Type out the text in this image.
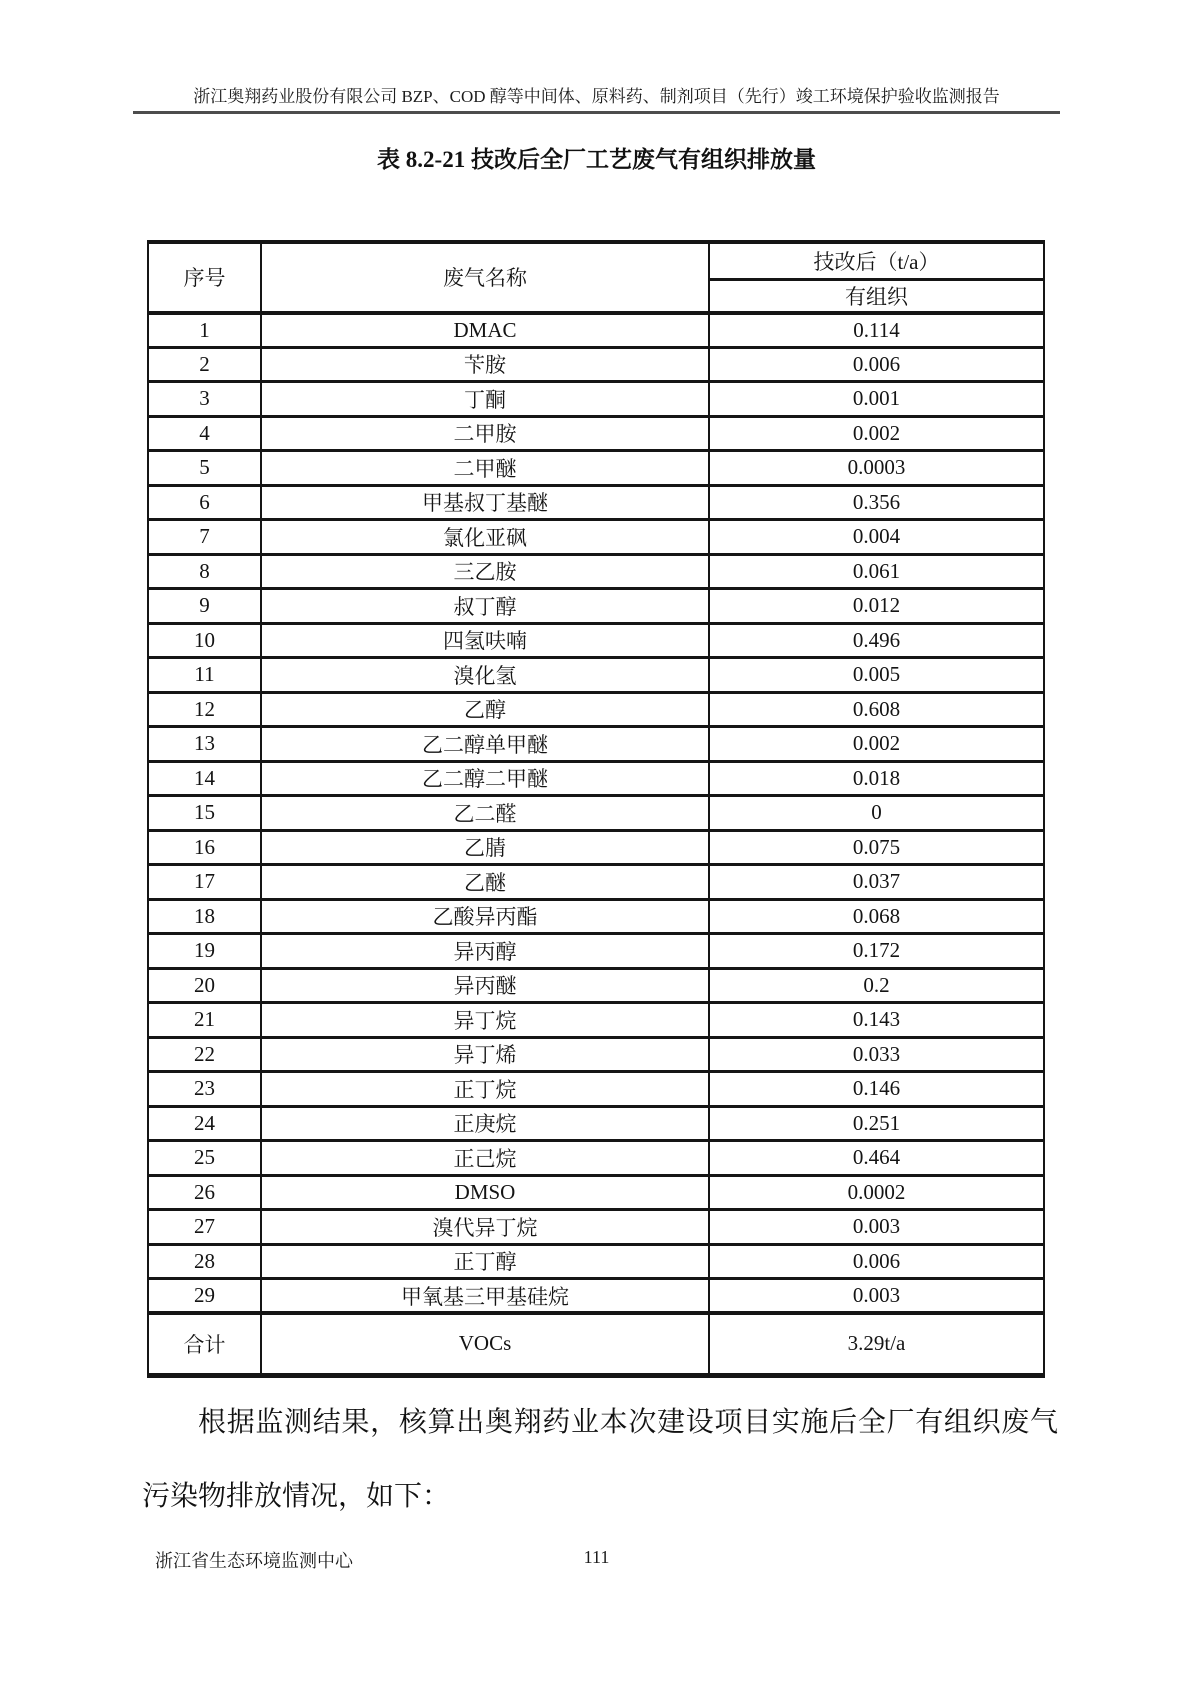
浙江奥翔药业股份有限公司 BZP、COD 醇等中间体、原料药、制剂项目（先行）竣工环境保护验收监测报告
表 8.2-21 技改后全厂工艺废气有组织排放量
序号	废气名称	技改后（t/a）
		有组织
1	DMAC	0.114
2	苄胺	0.006
3	丁酮	0.001
4	二甲胺	0.002
5	二甲醚	0.0003
6	甲基叔丁基醚	0.356
7	氯化亚砜	0.004
8	三乙胺	0.061
9	叔丁醇	0.012
10	四氢呋喃	0.496
11	溴化氢	0.005
12	乙醇	0.608
13	乙二醇单甲醚	0.002
14	乙二醇二甲醚	0.018
15	乙二醛	0
16	乙腈	0.075
17	乙醚	0.037
18	乙酸异丙酯	0.068
19	异丙醇	0.172
20	异丙醚	0.2
21	异丁烷	0.143
22	异丁烯	0.033
23	正丁烷	0.146
24	正庚烷	0.251
25	正己烷	0.464
26	DMSO	0.0002
27	溴代异丁烷	0.003
28	正丁醇	0.006
29	甲氧基三甲基硅烷	0.003
合计	VOCs	3.29t/a

根据监测结果，核算出奥翔药业本次建设项目实施后全厂有组织废气污染物排放情况，如下：

111
浙江省生态环境监测中心
